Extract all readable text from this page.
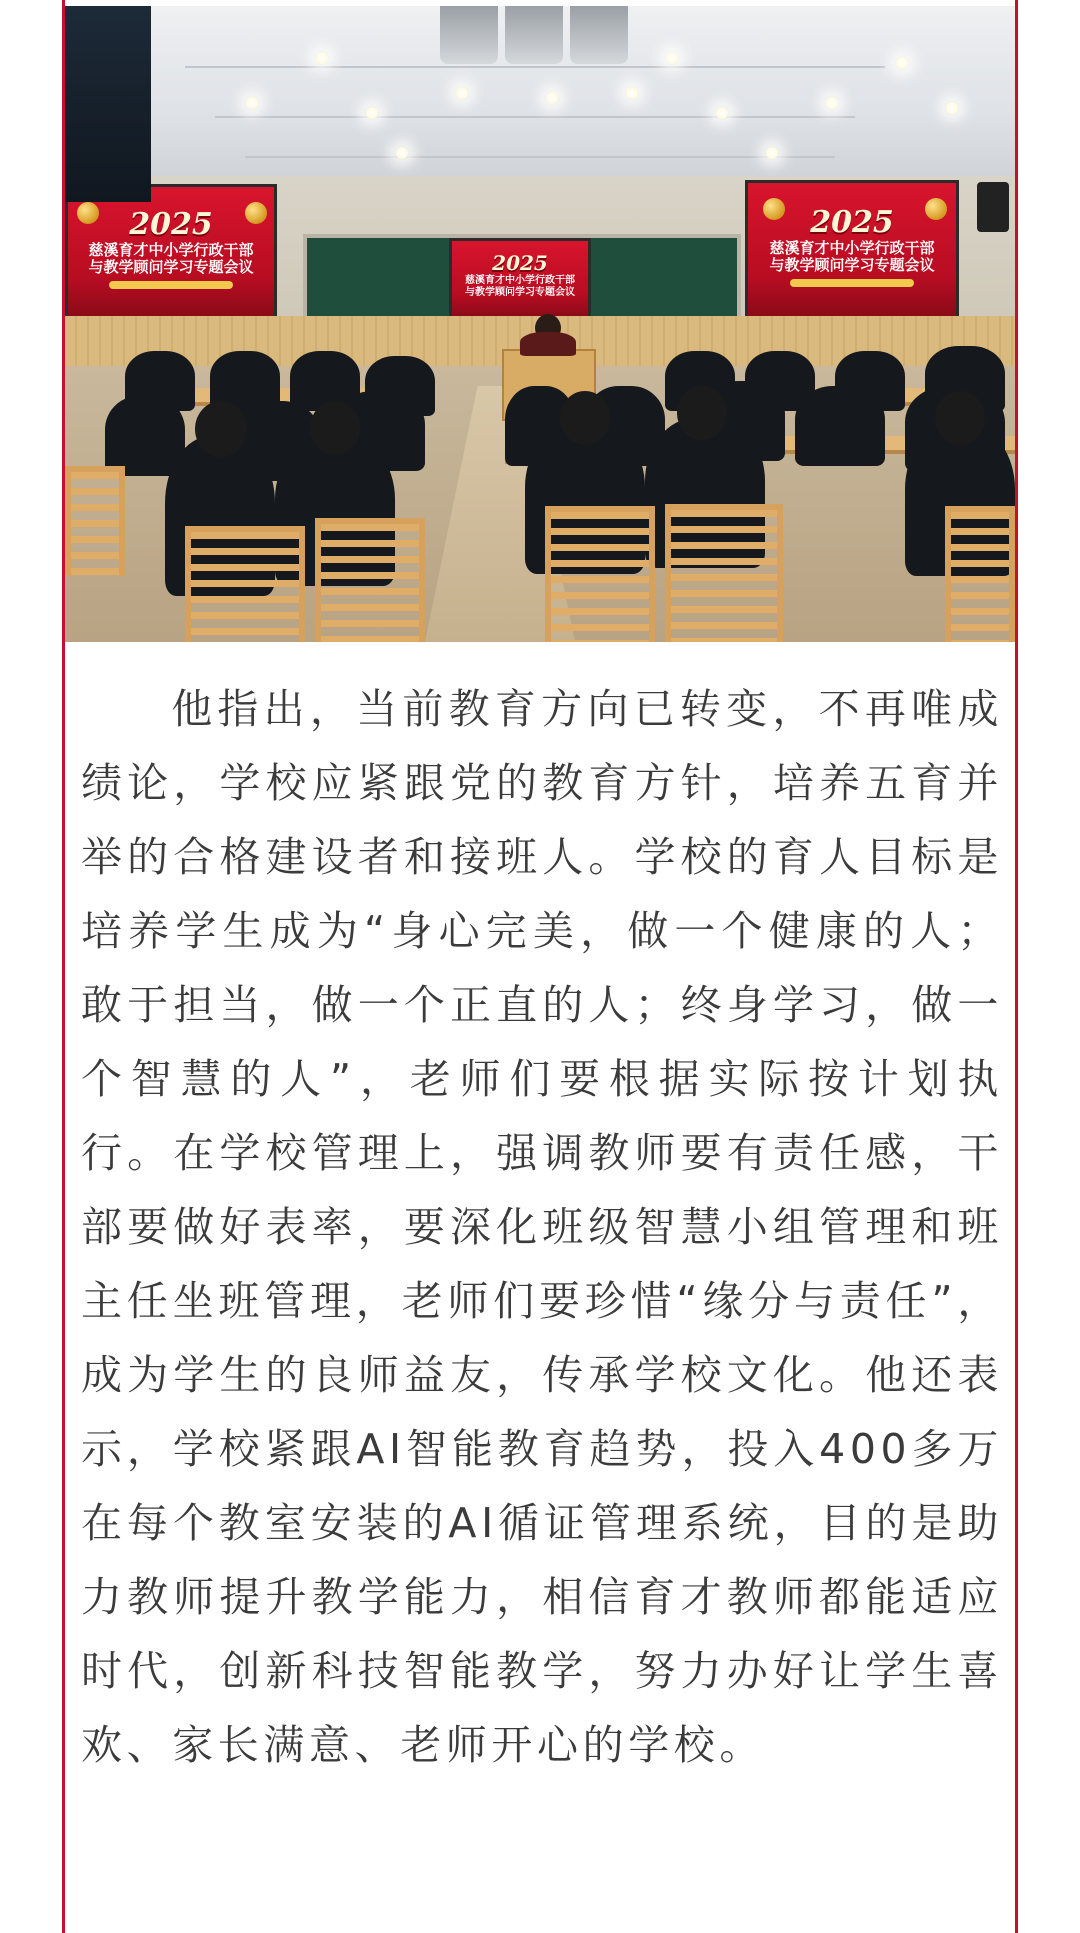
2025
慈溪育才中小学行政干部
与教学顾问学习专题会议	2025
慈溪育才中小学行政干部
与教学顾问学习专题会议
2025
慈溪育才中小学行政干部
与教学顾问学习专题会议

他指出，当前教育方向已转变，不再唯成绩论，学校应紧跟党的教育方针，培养五育并举的合格建设者和接班人。学校的育人目标是培养学生成为“身心完美，做一个健康的人；敢于担当，做一个正直的人；终身学习，做一个智慧的人”，老师们要根据实际按计划执行。在学校管理上，强调教师要有责任感，干部要做好表率，要深化班级智慧小组管理和班主任坐班管理，老师们要珍惜“缘分与责任”，成为学生的良师益友，传承学校文化。他还表示，学校紧跟AI智能教育趋势，投入400多万在每个教室安装的AI循证管理系统，目的是助力教师提升教学能力，相信育才教师都能适应时代，创新科技智能教学，努力办好让学生喜欢、家长满意、老师开心的学校。
